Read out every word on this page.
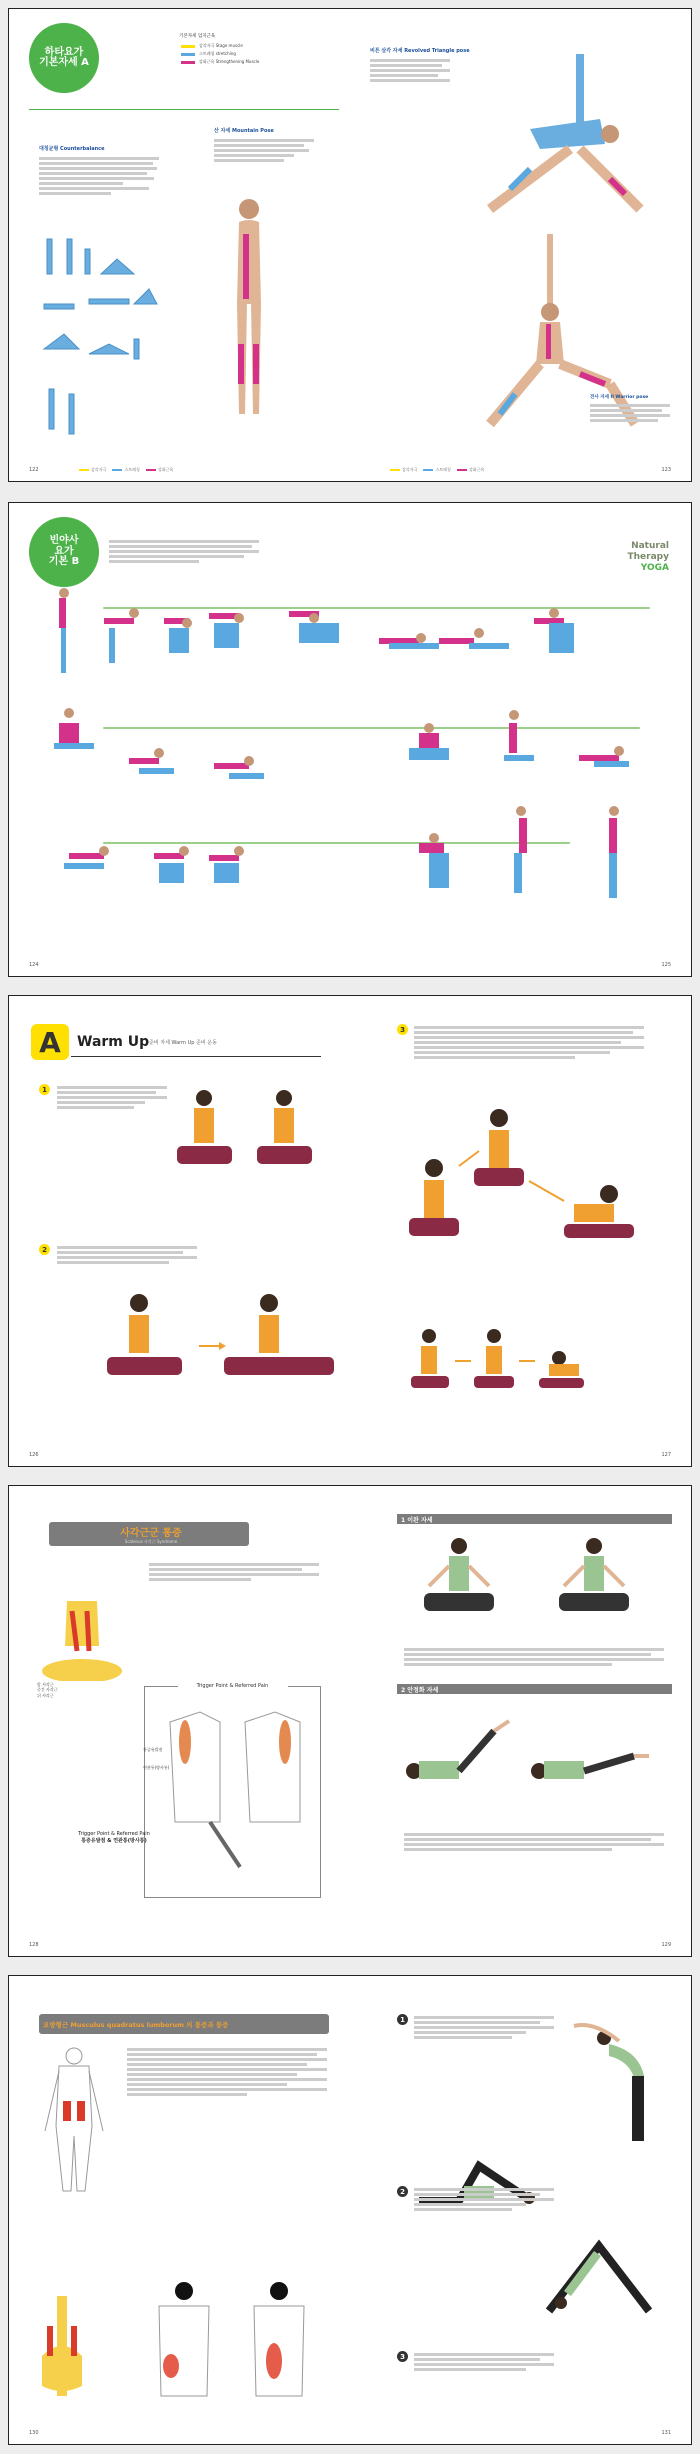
하타요가
기본자세 A
기본자세 엄지근육
감각자극 Stage muscle
스트레칭 stretching
강화근육 Strengthening Muscle
대칭균형 Counterbalance
산 자세 Mountain Pose
122	감각자극	스트레칭	강화근육
비튼 삼각 자세 Revolved Triangle pose
전사 자세 II Warrior pose
123
감각자극	스트레칭	강화근육
빈야사
요가
기본 B
Natural
Therapy
YOGA
124	125
A	Warm Up 준비 자세 Warm Up 준비 운동
1
2
3
126	127
사각근군 통증
Scalenus 사각근 Syndrome
앞 사각근
중간 사각근
뒤 사각근
Trigger Point & Referred Pain
통증유발점
연관통(방사통)
Trigger Point & Referred Pain
통증유발점 & 연관통(방사통)
1 이완 자세
2 안정화 자세
128	129
요방형근 Musculus quadratus lumborum 의 통증과 통증
1
2
3
130	131
